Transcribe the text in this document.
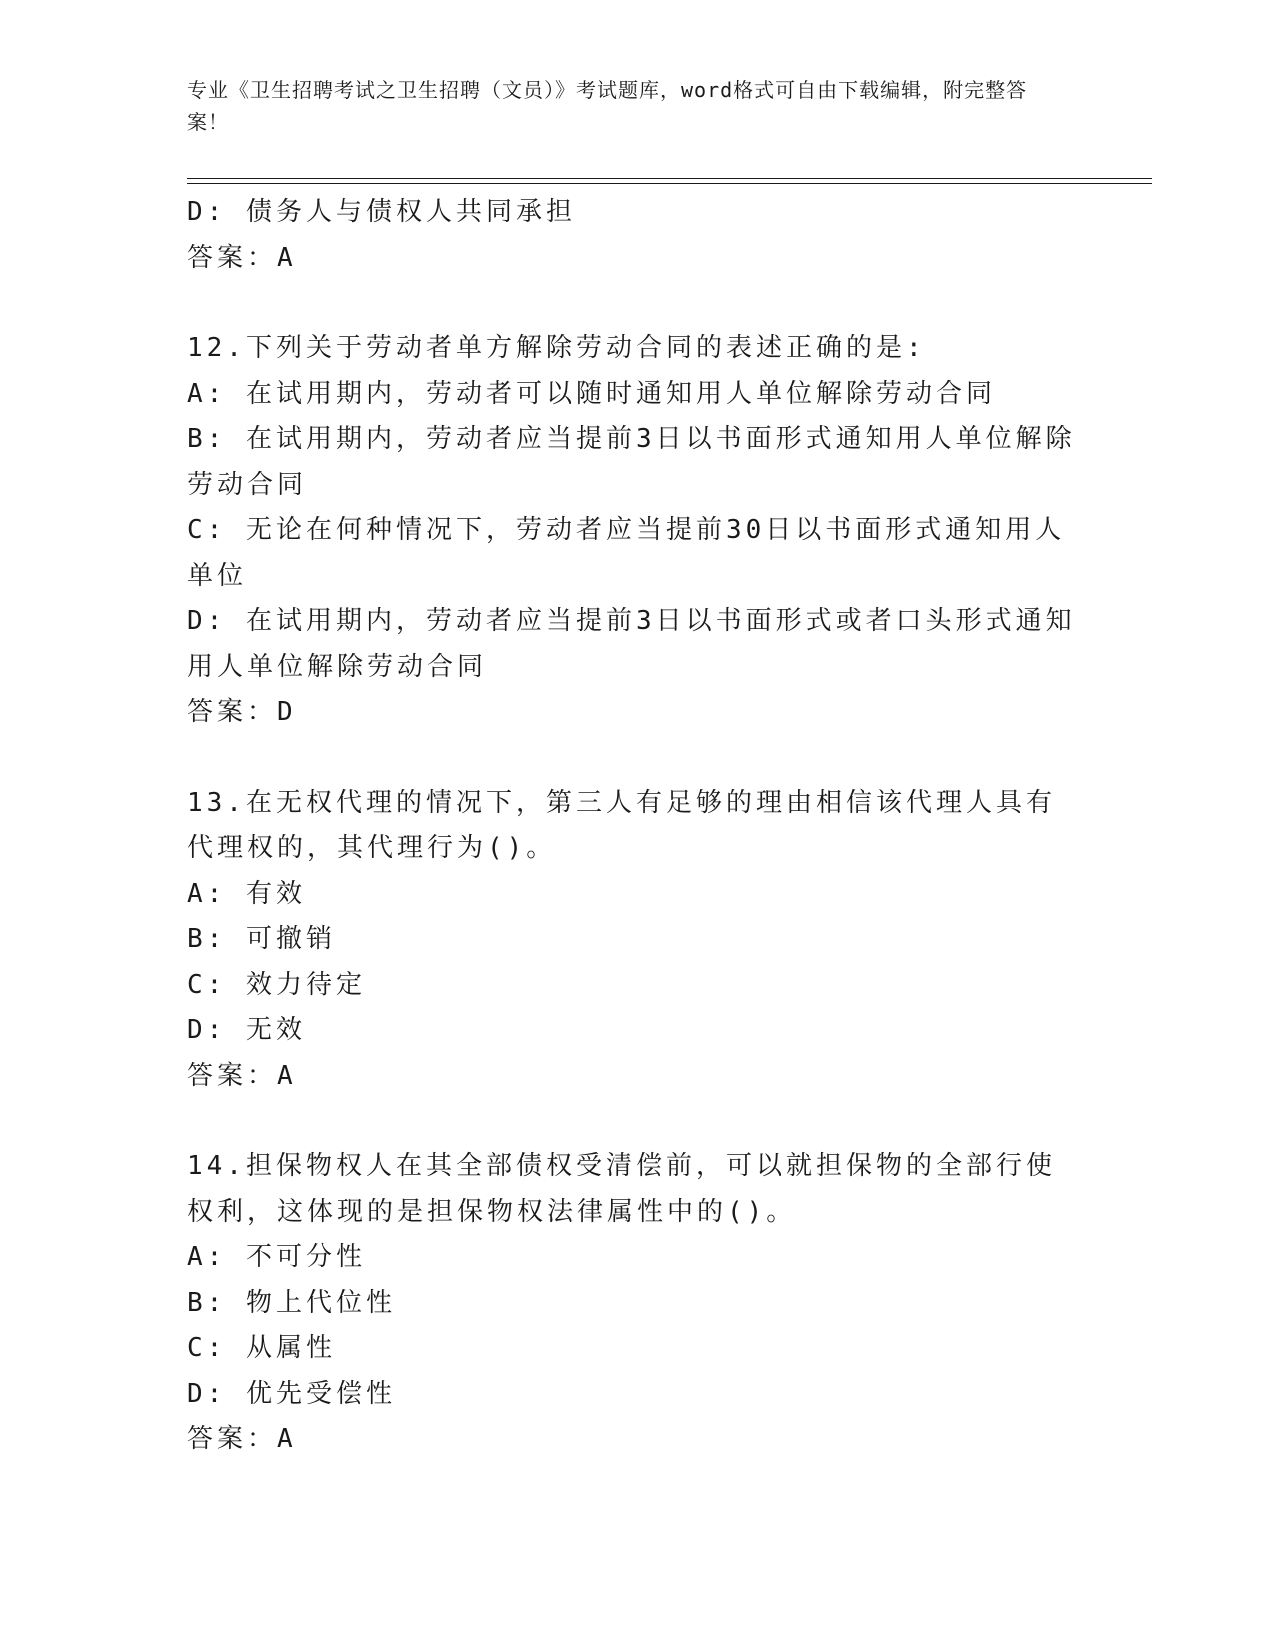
专业《卫生招聘考试之卫生招聘（文员）》考试题库，word格式可自由下载编辑，附完整答案！
D: 债务人与债权人共同承担
答案：A
12.下列关于劳动者单方解除劳动合同的表述正确的是:
A: 在试用期内，劳动者可以随时通知用人单位解除劳动合同
B: 在试用期内，劳动者应当提前3日以书面形式通知用人单位解除劳动合同
C: 无论在何种情况下，劳动者应当提前30日以书面形式通知用人单位
D: 在试用期内，劳动者应当提前3日以书面形式或者口头形式通知用人单位解除劳动合同
答案：D
13.在无权代理的情况下，第三人有足够的理由相信该代理人具有代理权的，其代理行为()。
A: 有效
B: 可撤销
C: 效力待定
D: 无效
答案：A
14.担保物权人在其全部债权受清偿前，可以就担保物的全部行使权利，这体现的是担保物权法律属性中的()。
A: 不可分性
B: 物上代位性
C: 从属性
D: 优先受偿性
答案：A
